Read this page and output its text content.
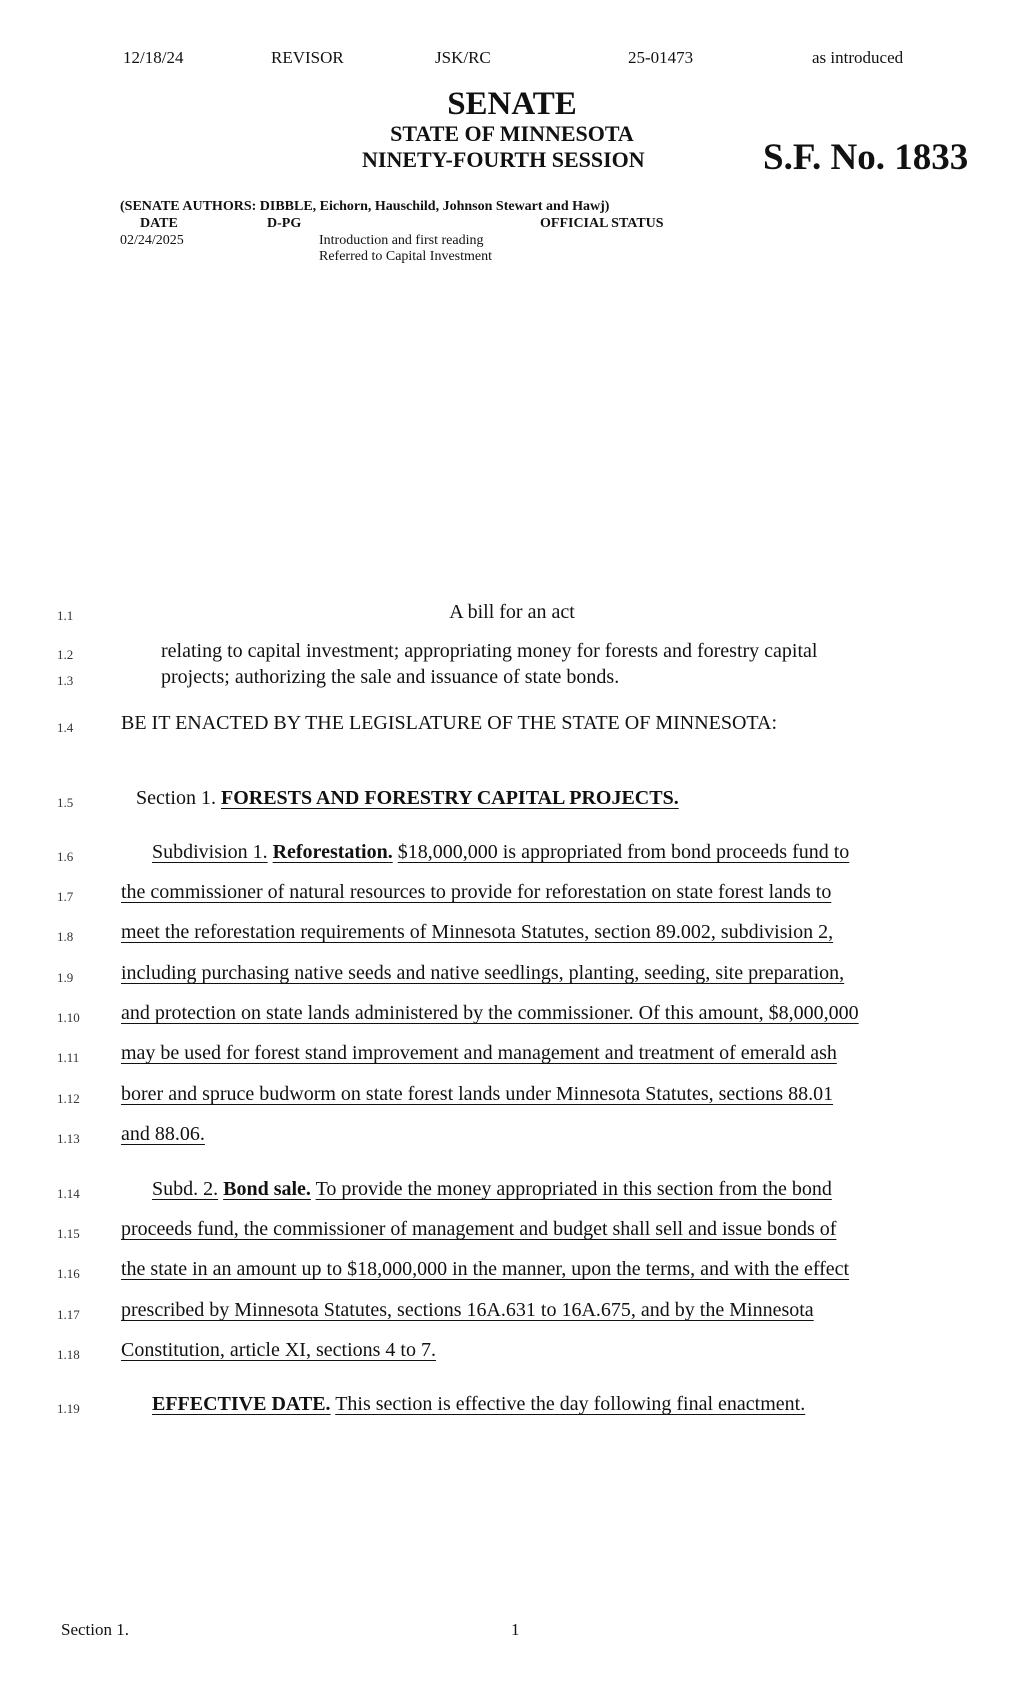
12/18/24	REVISOR	JSK/RC	25-01473	as introduced
SENATE
STATE OF MINNESOTA
NINETY-FOURTH SESSION	S.F. No. 1833
(SENATE AUTHORS: DIBBLE, Eichorn, Hauschild, Johnson Stewart and Hawj)
DATE	D-PG	OFFICIAL STATUS
02/24/2025	Introduction and first reading
Referred to Capital Investment
1.1	A bill for an act
1.2	relating to capital investment; appropriating money for forests and forestry capital
1.3	projects; authorizing the sale and issuance of state bonds.
1.4 BE IT ENACTED BY THE LEGISLATURE OF THE STATE OF MINNESOTA:
1.5	Section 1. FORESTS AND FORESTRY CAPITAL PROJECTS.
1.6	Subdivision 1. Reforestation. $18,000,000 is appropriated from bond proceeds fund to
1.7 the commissioner of natural resources to provide for reforestation on state forest lands to
1.8 meet the reforestation requirements of Minnesota Statutes, section 89.002, subdivision 2,
1.9 including purchasing native seeds and native seedlings, planting, seeding, site preparation,
1.10 and protection on state lands administered by the commissioner. Of this amount, $8,000,000
1.11 may be used for forest stand improvement and management and treatment of emerald ash
1.12 borer and spruce budworm on state forest lands under Minnesota Statutes, sections 88.01
1.13 and 88.06.
1.14	Subd. 2. Bond sale. To provide the money appropriated in this section from the bond
1.15 proceeds fund, the commissioner of management and budget shall sell and issue bonds of
1.16 the state in an amount up to $18,000,000 in the manner, upon the terms, and with the effect
1.17 prescribed by Minnesota Statutes, sections 16A.631 to 16A.675, and by the Minnesota
1.18 Constitution, article XI, sections 4 to 7.
1.19	EFFECTIVE DATE. This section is effective the day following final enactment.
Section 1.	1
